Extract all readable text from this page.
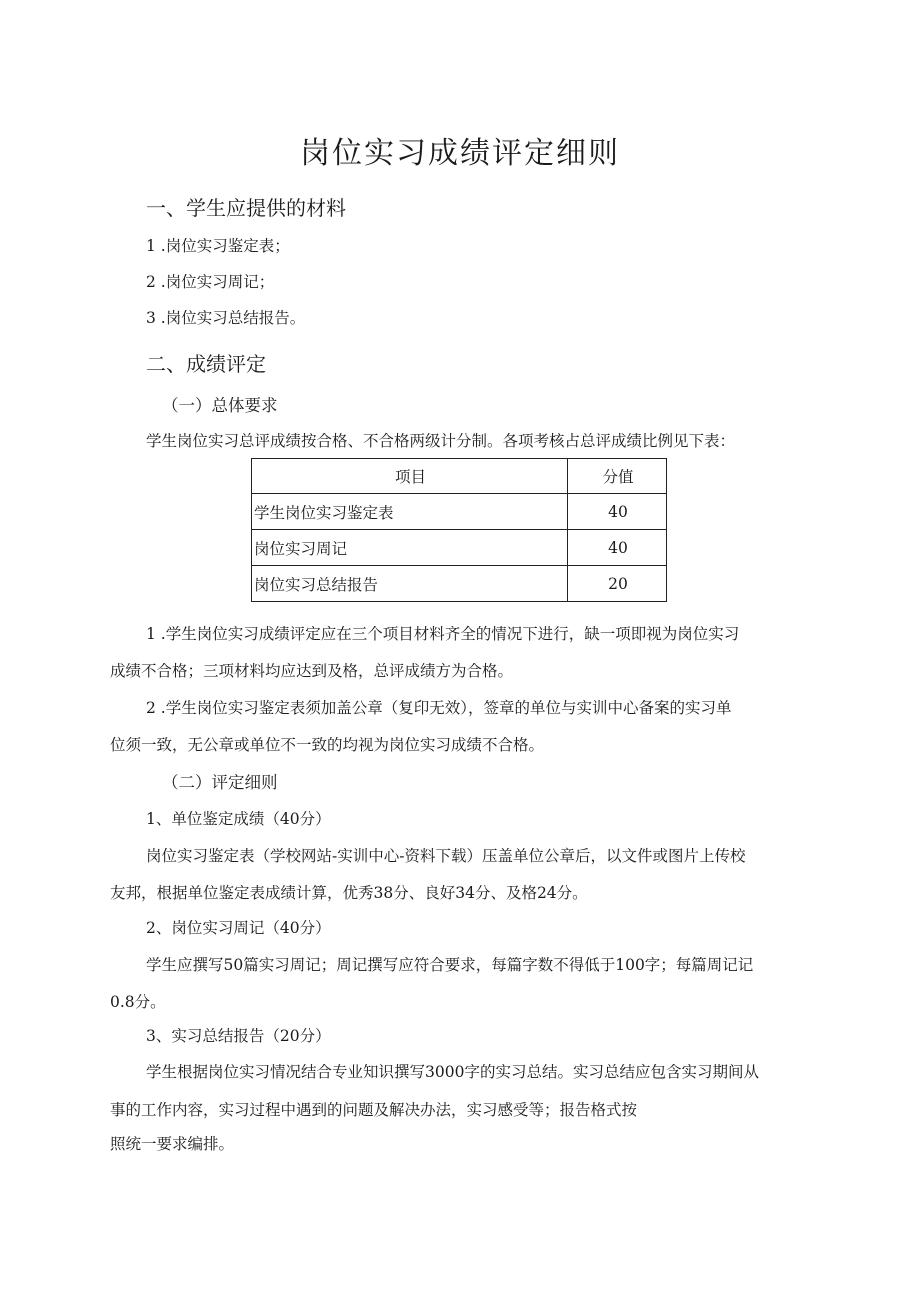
岗位实习成绩评定细则
一、学生应提供的材料
1 .岗位实习鉴定表；
2 .岗位实习周记；
3 .岗位实习总结报告。
二、成绩评定
（一）总体要求
学生岗位实习总评成绩按合格、不合格两级计分制。各项考核占总评成绩比例见下表：
项目	分值
学生岗位实习鉴定表	40
岗位实习周记	40
岗位实习总结报告	20
1 .学生岗位实习成绩评定应在三个项目材料齐全的情况下进行，缺一项即视为岗位实习
成绩不合格；三项材料均应达到及格，总评成绩方为合格。
2 .学生岗位实习鉴定表须加盖公章（复印无效），签章的单位与实训中心备案的实习单
位须一致，无公章或单位不一致的均视为岗位实习成绩不合格。
（二）评定细则
1、单位鉴定成绩（40分）
岗位实习鉴定表（学校网站-实训中心-资料下载）压盖单位公章后，以文件或图片上传校
友邦，根据单位鉴定表成绩计算，优秀38分、良好34分、及格24分。
2、岗位实习周记（40分）
学生应撰写50篇实习周记；周记撰写应符合要求，每篇字数不得低于100字；每篇周记记
0.8分。
3、实习总结报告（20分）
学生根据岗位实习情况结合专业知识撰写3000字的实习总结。实习总结应包含实习期间从
事的工作内容，实习过程中遇到的问题及解决办法，实习感受等；报告格式按
照统一要求编排。
